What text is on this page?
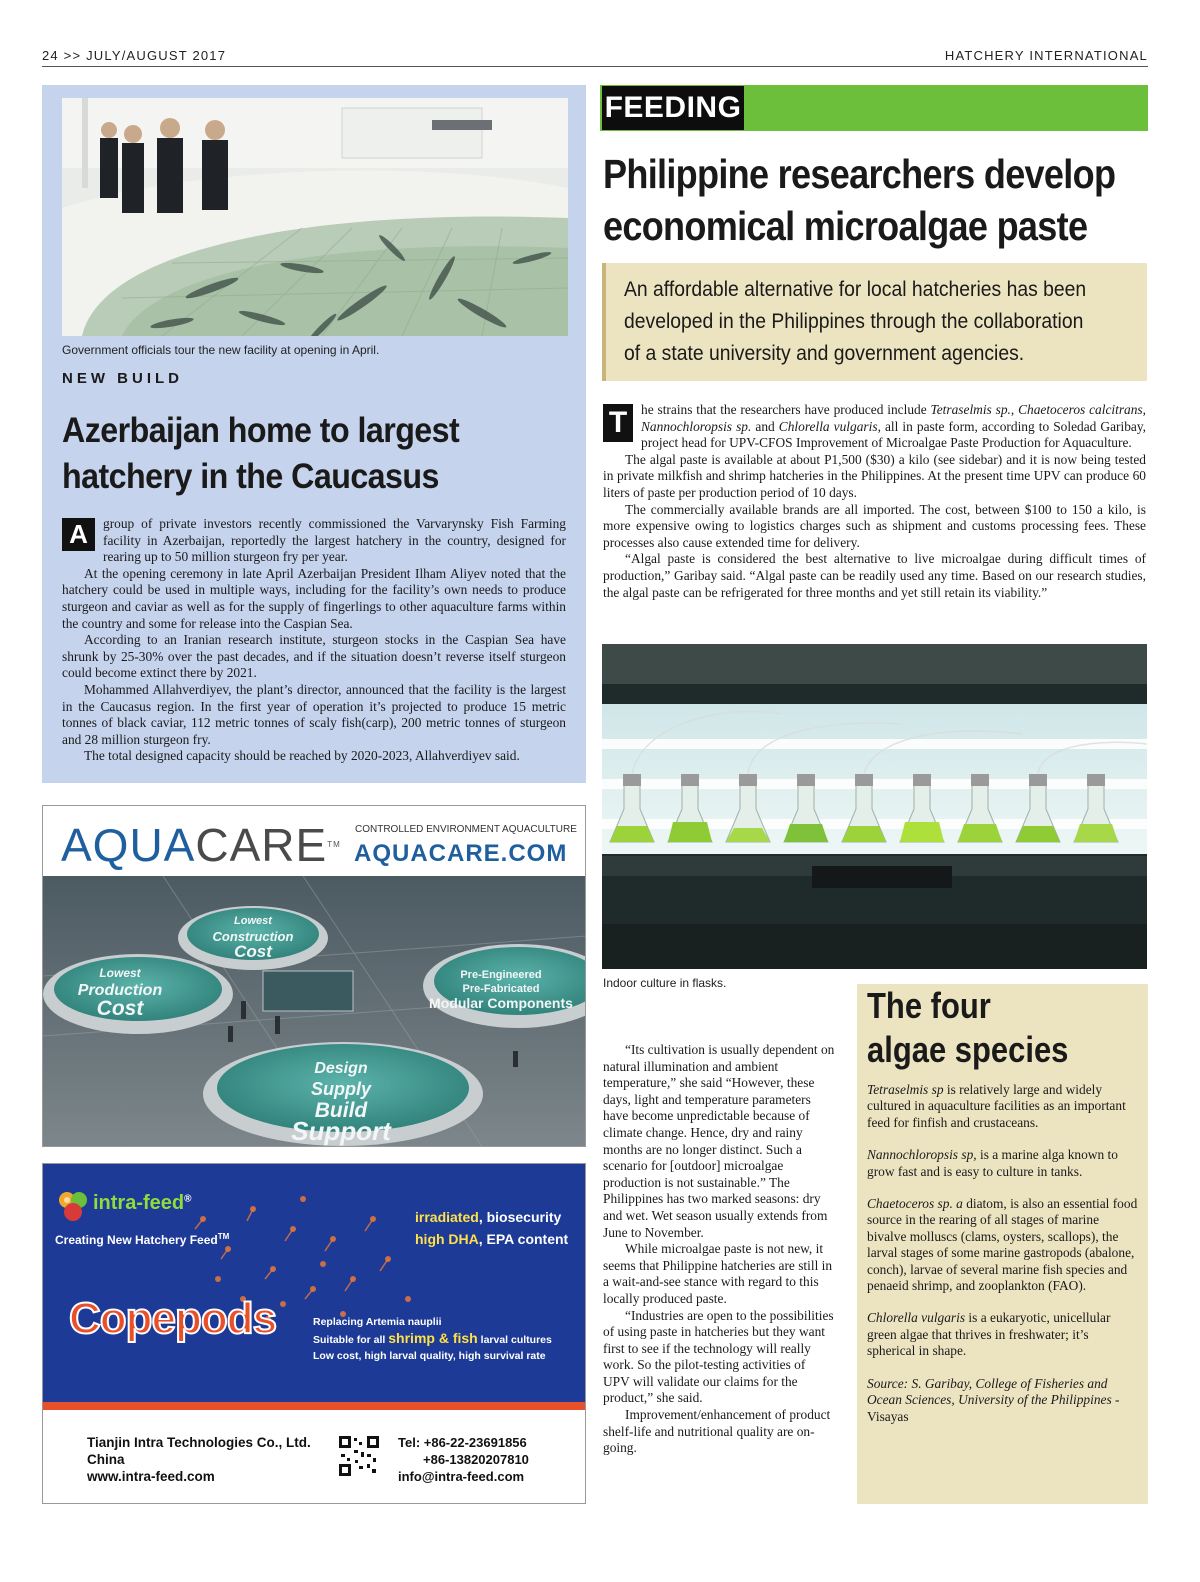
24 >> JULY/AUGUST 2017	HATCHERY INTERNATIONAL
Government officials tour the new facility at opening in April.
NEW BUILD
Azerbaijan home to largest
hatchery in the Caucasus

A	group of private investors recently commissioned the Varvarynsky Fish Farming facility in Azerbaijan, reportedly the largest hatchery in the country, designed for rearing up to 50 million sturgeon fry per year.

At the opening ceremony in late April Azerbaijan President Ilham Aliyev noted that the hatchery could be used in multiple ways, including for the facility’s own needs to produce sturgeon and caviar as well as for the supply of fingerlings to other aquaculture farms within the country and some for release into the Caspian Sea.

According to an Iranian research institute, sturgeon stocks in the Caspian Sea have shrunk by 25-30% over the past decades, and if the situation doesn’t reverse itself sturgeon could become extinct there by 2021.

Mohammed Allahverdiyev, the plant’s director, announced that the facility is the largest in the Caucasus region. In the first year of operation it’s projected to produce 15 metric tonnes of black caviar, 112 metric tonnes of scaly fish(carp), 200 metric tonnes of sturgeon and 28 million sturgeon fry.

The total designed capacity should be reached by 2020-2023, Allahverdiyev said.

AQUACARE™
CONTROLLED ENVIRONMENT AQUACULTURE
AQUACARE.COM
Lowest
Construction
Cost
Lowest
Production
Cost
Pre-Engineered
Pre-Fabricated
Modular Components
Design
Supply
Build
Support
intra-feed®
Creating New Hatchery Feed™
irradiated, biosecurity
high DHA, EPA content
Copepods	Replacing Artemia nauplii
Suitable for all shrimp & fish larval cultures
Low cost, high larval quality, high survival rate
Tianjin Intra Technologies Co., Ltd.
China
www.intra-feed.com
Tel: +86-22-23691856
+86-13820207810
info@intra-feed.com
FEEDING
Philippine researchers develop
economical microalgae paste
An affordable alternative for local hatcheries has been
developed in the Philippines through the collaboration
of a state university and government agencies.

T	he strains that the researchers have produced include Tetraselmis sp., Chaetoceros calcitrans, Nannochloropsis sp. and Chlorella vulgaris, all in paste form, according to Soledad Garibay, project head for UPV-CFOS Improvement of Microalgae Paste Production for Aquaculture.

The algal paste is available at about P1,500 ($30) a kilo (see sidebar) and it is now being tested in private milkfish and shrimp hatcheries in the Philippines. At the present time UPV can produce 60 liters of paste per production period of 10 days.

The commercially available brands are all imported. The cost, between $100 to 150 a kilo, is more expensive owing to logistics charges such as shipment and customs processing fees. These processes also cause extended time for delivery.

“Algal paste is considered the best alternative to live microalgae during difficult times of production,” Garibay said. “Algal paste can be readily used any time. Based on our research studies, the algal paste can be refrigerated for three months and yet still retain its viability.”

Indoor culture in flasks.

“Its cultivation is usually dependent on natural illumination and ambient temperature,” she said “However, these days, light and temperature parameters have become unpredictable because of climate change. Hence, dry and rainy months are no longer distinct. Such a scenario for [outdoor] microalgae production is not sustainable.” The Philippines has two marked seasons: dry and wet. Wet season usually extends from June to November.

While microalgae paste is not new, it seems that Philippine hatcheries are still in a wait-and-see stance with regard to this locally produced paste.

“Industries are open to the possibilities of using paste in hatcheries but they want first to see if the technology will really work. So the pilot-testing activities of UPV will validate our claims for the product,” she said.

Improvement/enhancement of product shelf-life and nutritional quality are on-going.

The four
algae species

Tetraselmis sp is relatively large and widely cultured in aquaculture facilities as an important feed for finfish and crustaceans.

Nannochloropsis sp, is a marine alga known to grow fast and is easy to culture in tanks.

Chaetoceros sp. a diatom, is also an essential food source in the rearing of all stages of marine bivalve molluscs (clams, oysters, scallops), the larval stages of some marine gastropods (abalone, conch), larvae of several marine fish species and penaeid shrimp, and zooplankton (FAO).

Chlorella vulgaris is a eukaryotic, unicellular green algae that thrives in freshwater; it’s spherical in shape.

Source: S. Garibay, College of Fisheries and Ocean Sciences, University of the Philippines - Visayas
